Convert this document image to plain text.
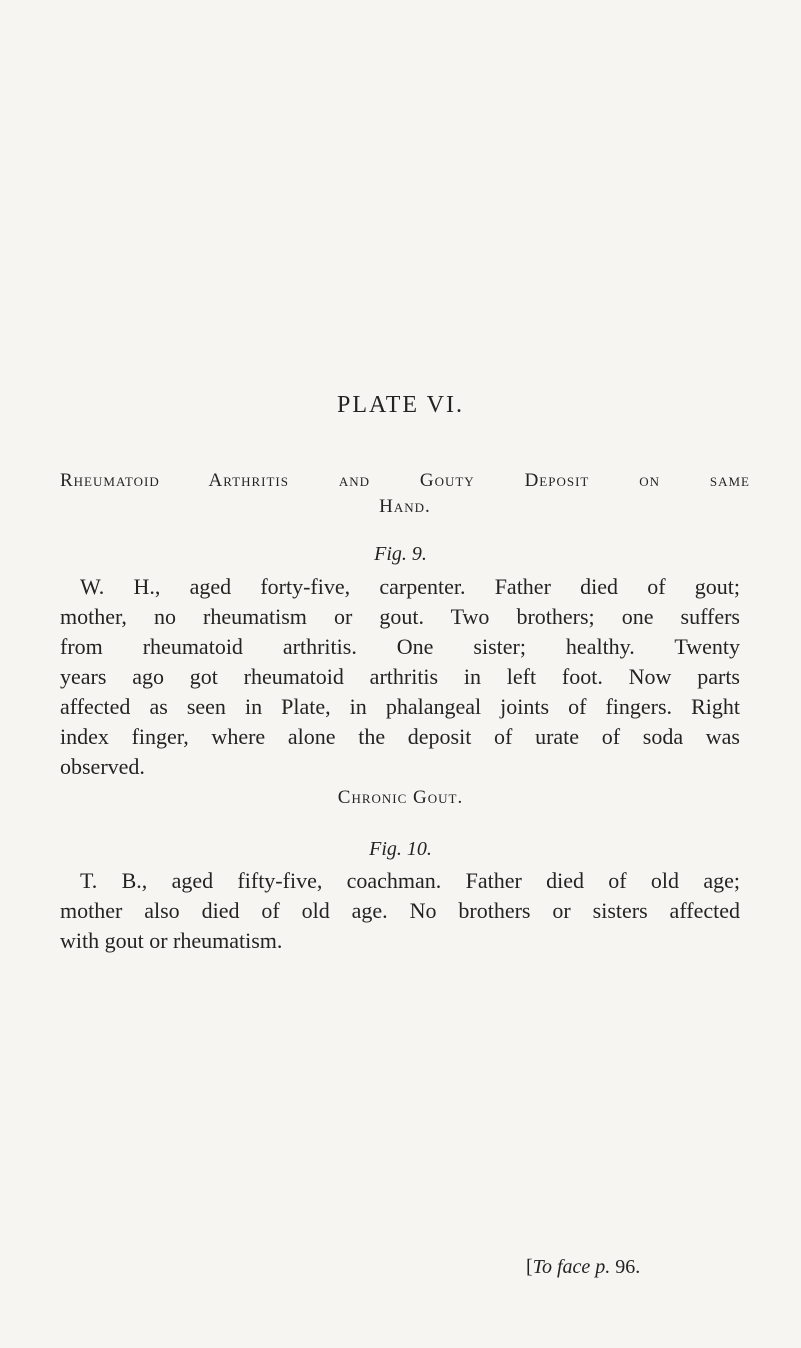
PLATE VI.
Rheumatoid Arthritis and Gouty Deposit on same
Hand.
Fig. 9.
W. H., aged forty-five, carpenter. Father died of gout;
mother, no rheumatism or gout. Two brothers; one suffers
from rheumatoid arthritis. One sister; healthy. Twenty
years ago got rheumatoid arthritis in left foot. Now parts
affected as seen in Plate, in phalangeal joints of fingers. Right
index finger, where alone the deposit of urate of soda was
observed.
Chronic Gout.
Fig. 10.
T. B., aged fifty-five, coachman. Father died of old age;
mother also died of old age. No brothers or sisters affected
with gout or rheumatism.
[To face p. 96.
